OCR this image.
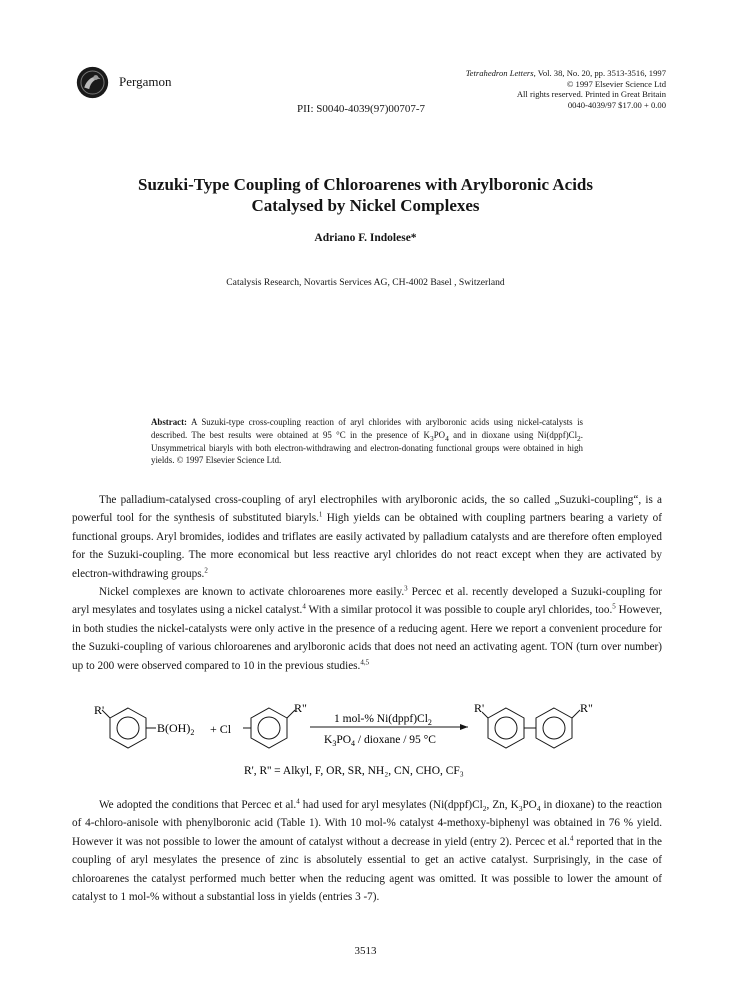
Pergamon
Tetrahedron Letters, Vol. 38, No. 20, pp. 3513-3516, 1997
© 1997 Elsevier Science Ltd
All rights reserved. Printed in Great Britain
0040-4039/97 $17.00 + 0.00
PII: S0040-4039(97)00707-7
Suzuki-Type Coupling of Chloroarenes with Arylboronic Acids
Catalysed by Nickel Complexes
Adriano F. Indolese*
Catalysis Research, Novartis Services AG, CH-4002 Basel , Switzerland
Abstract: A Suzuki-type cross-coupling reaction of aryl chlorides with arylboronic acids using nickel-catalysts is described. The best results were obtained at 95 °C in the presence of $K_3PO_4$ and in dioxane using $Ni(dppf)Cl_2$. Unsymmetrical biaryls with both electron-withdrawing and electron-donating functional groups were obtained in high yields. © 1997 Elsevier Science Ltd.

The palladium-catalysed cross-coupling of aryl electrophiles with arylboronic acids, the so called „Suzuki-coupling“, is a powerful tool for the synthesis of substituted biaryls.$^1$ High yields can be obtained with coupling partners bearing a variety of functional groups. Aryl bromides, iodides and triflates are easily activated by palladium catalysts and are therefore often employed for the Suzuki-coupling. The more economical but less reactive aryl chlorides do not react except when they are activated by electron-withdrawing groups.$^2$

Nickel complexes are known to activate chloroarenes more easily.$^3$ Percec et al. recently developed a Suzuki-coupling for aryl mesylates and tosylates using a nickel catalyst.$^4$ With a similar protocol it was possible to couple aryl chlorides, too.$^5$ However, in both studies the nickel-catalysts were only active in the presence of a reducing agent. Here we report a convenient procedure for the Suzuki-coupling of various chloroarenes and arylboronic acids that does not need an activating agent. TON (turn over number) up to 200 were observed compared to 10 in the previous studies.$^{4,5}$

R'
$B(OH)_2 + Cl$
R"
1 mol-% $Ni(dppf)Cl_2$
$K_3PO_4$ / dioxane / 95 °C
R'	R"
R', R'' = Alkyl, F, OR, SR, NH₂, CN, CHO, CF₃

We adopted the conditions that Percec et al.$^4$ had used for aryl mesylates ($Ni(dppf)Cl_2$, Zn, $K_3PO_4$ in dioxane) to the reaction of 4-chloro-anisole with phenylboronic acid (Table 1). With 10 mol-% catalyst 4-methoxy-biphenyl was obtained in 76 % yield. However it was not possible to lower the amount of catalyst without a decrease in yield (entry 2). Percec et al.$^4$ reported that in the coupling of aryl mesylates the presence of zinc is absolutely essential to get an active catalyst. Surprisingly, in the case of chloroarenes the catalyst performed much better when the reducing agent was omitted. It was possible to lower the amount of catalyst to 1 mol-% without a substantial loss in yields (entries 3 -7).

3513
